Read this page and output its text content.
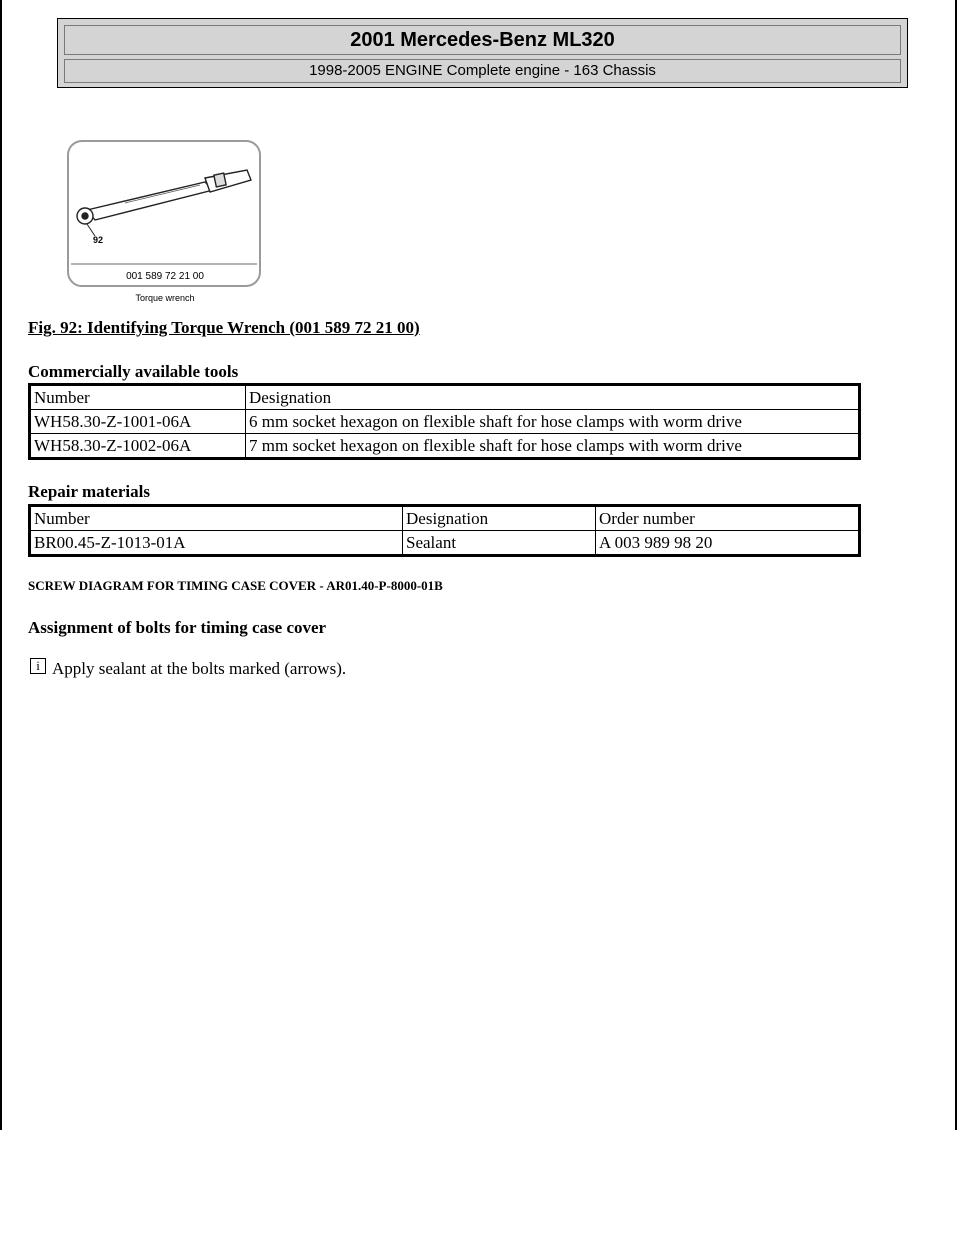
2001 Mercedes-Benz ML320
1998-2005 ENGINE Complete engine - 163 Chassis
92
001 589 72 21 00
Torque wrench
Fig. 92: Identifying Torque Wrench (001 589 72 21 00)
Commercially available tools
Number	Designation
WH58.30-Z-1001-06A	6 mm socket hexagon on flexible shaft for hose clamps with worm drive
WH58.30-Z-1002-06A	7 mm socket hexagon on flexible shaft for hose clamps with worm drive
Repair materials
Number	Designation	Order number
BR00.45-Z-1013-01A	Sealant	A 003 989 98 20
SCREW DIAGRAM FOR TIMING CASE COVER - AR01.40-P-8000-01B
Assignment of bolts for timing case cover
i Apply sealant at the bolts marked (arrows).
